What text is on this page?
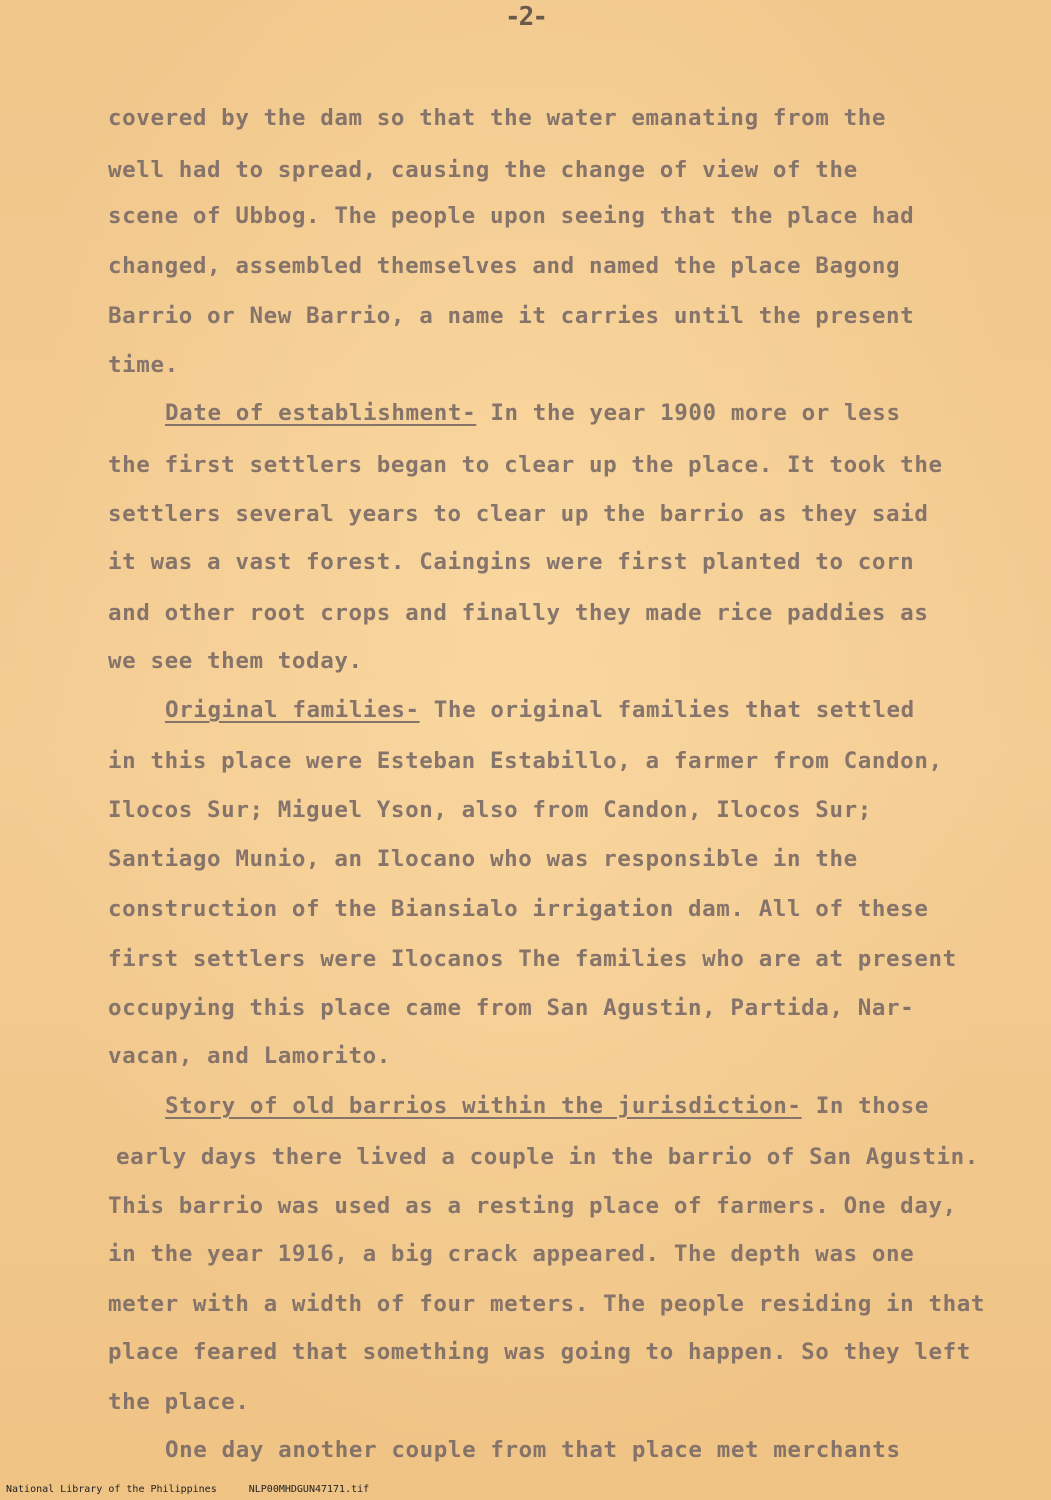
-2-
covered by the dam so that the water emanating from the
well had to spread, causing the change of view of the
scene of Ubbog. The people upon seeing that the place had
changed, assembled themselves and named the place Bagong
Barrio or New Barrio, a name it carries until the present
time.
Date of establishment- In the year 1900 more or less
the first settlers began to clear up the place. It took the
settlers several years to clear up the barrio as they said
it was a vast forest. Caingins were first planted to corn
and other root crops and finally they made rice paddies as
we see them today.
Original families- The original families that settled
in this place were Esteban Estabillo, a farmer from Candon,
Ilocos Sur; Miguel Yson, also from Candon, Ilocos Sur;
Santiago Munio, an Ilocano who was responsible in the
construction of the Biansialo irrigation dam. All of these
first settlers were Ilocanos The families who are at present
occupying this place came from San Agustin, Partida, Nar-
vacan, and Lamorito.
Story of old barrios within the jurisdiction- In those
early days there lived a couple in the barrio of San Agustin.
This barrio was used as a resting place of farmers. One day,
in the year 1916, a big crack appeared. The depth was one
meter with a width of four meters. The people residing in that
place feared that something was going to happen. So they left
the place.
One day another couple from that place met merchants
National Library of the Philippines	NLP00MHDGUN47171.tif
